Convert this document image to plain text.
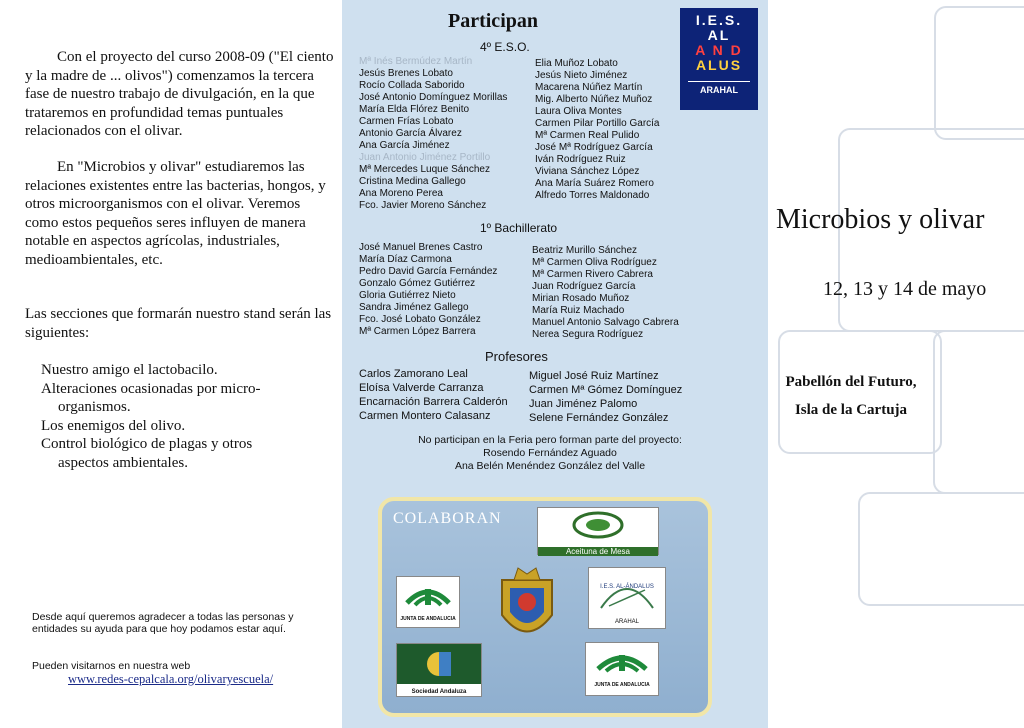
Con el proyecto del curso 2008-09 ("El ciento y la madre de ... olivos") comenzamos la tercera fase de nuestro trabajo de divulgación, en la que trataremos en profundidad temas puntuales relacionados con el olivar.
En "Microbios y olivar" estudiaremos las relaciones existentes entre las bacterias, hongos, y otros microorganismos con el olivar. Veremos como estos pequeños seres influyen de manera notable en aspectos agrícolas, industriales, medioambientales, etc.
Las secciones que formarán nuestro stand serán las siguientes:
Nuestro amigo el lactobacilo.
Alteraciones ocasionadas por micro-
organismos.
Los enemigos del olivo.
Control biológico de plagas y otros
aspectos ambientales.
Desde aquí queremos agradecer a todas las personas y entidades su ayuda para que hoy podamos estar aquí.
Pueden visitarnos en nuestra web
www.redes-cepalcala.org/olivaryescuela/
Participan
4º E.S.O.
Mª Inés Bermúdez Martín
Jesús Brenes Lobato
Rocío Collada Saborido
José Antonio Domínguez Morillas
María Elda Flórez Benito
Carmen Frías Lobato
Antonio García Álvarez
Ana García Jiménez
Juan Antonio Jiménez Portillo
Mª Mercedes Luque Sánchez
Cristina Medina Gallego
Ana Moreno Perea
Fco. Javier Moreno Sánchez
Elia Muñoz Lobato
Jesús Nieto Jiménez
Macarena Núñez Martín
Mig. Alberto Núñez Muñoz
Laura Oliva Montes
Carmen Pilar Portillo García
Mª Carmen Real Pulido
José Mª Rodríguez García
Iván Rodríguez Ruiz
Viviana Sánchez López
Ana María Suárez Romero
Alfredo Torres Maldonado
1º Bachillerato
José Manuel Brenes Castro
María Díaz Carmona
Pedro David García Fernández
Gonzalo Gómez Gutiérrez
Gloria Gutiérrez Nieto
Sandra Jiménez Gallego
Fco. José Lobato González
Mª Carmen López Barrera
Beatriz Murillo Sánchez
Mª Carmen Oliva Rodríguez
Mª Carmen Rivero Cabrera
Juan Rodríguez García
Mirian Rosado Muñoz
María Ruiz Machado
Manuel Antonio Salvago Cabrera
Nerea Segura Rodríguez
Profesores
Carlos Zamorano Leal
Eloísa Valverde Carranza
Encarnación Barrera Calderón
Carmen Montero Calasanz
Miguel José Ruiz Martínez
Carmen Mª Gómez Domínguez
Juan Jiménez Palomo
Selene Fernández González
No participan en la Feria pero forman parte del proyecto:
Rosendo Fernández Aguado
Ana Belén Menéndez González del Valle
I.E.S.
AL
A N D
ALUS
ARAHAL
COLABORAN
Aceituna de Mesa
JUNTA DE ANDALUCIA
I.E.S. AL-ÁNDALUS
ARAHAL
Sociedad Andaluza
JUNTA DE ANDALUCIA
Microbios y olivar
12, 13 y 14 de mayo
Pabellón del Futuro,
Isla de la Cartuja
